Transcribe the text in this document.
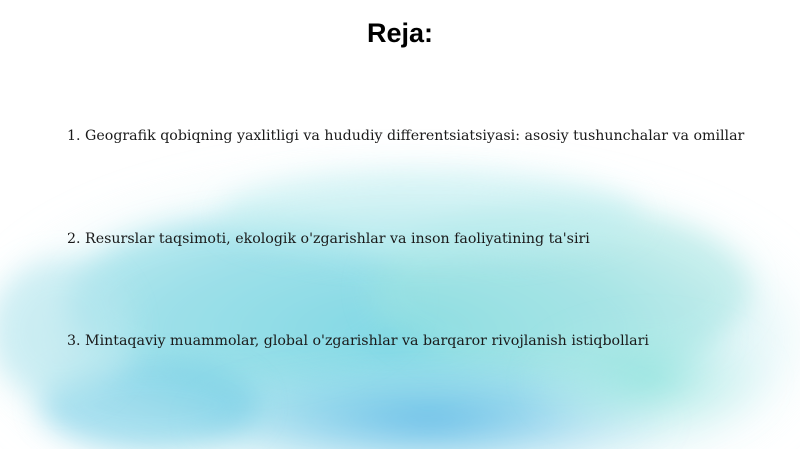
Reja:
1. Geografik qobiqning yaxlitligi va hududiy differentsiatsiyasi: asosiy tushunchalar va omillar
2. Resurslar taqsimoti, ekologik o'zgarishlar va inson faoliyatining ta'siri
3. Mintaqaviy muammolar, global o'zgarishlar va barqaror rivojlanish istiqbollari
